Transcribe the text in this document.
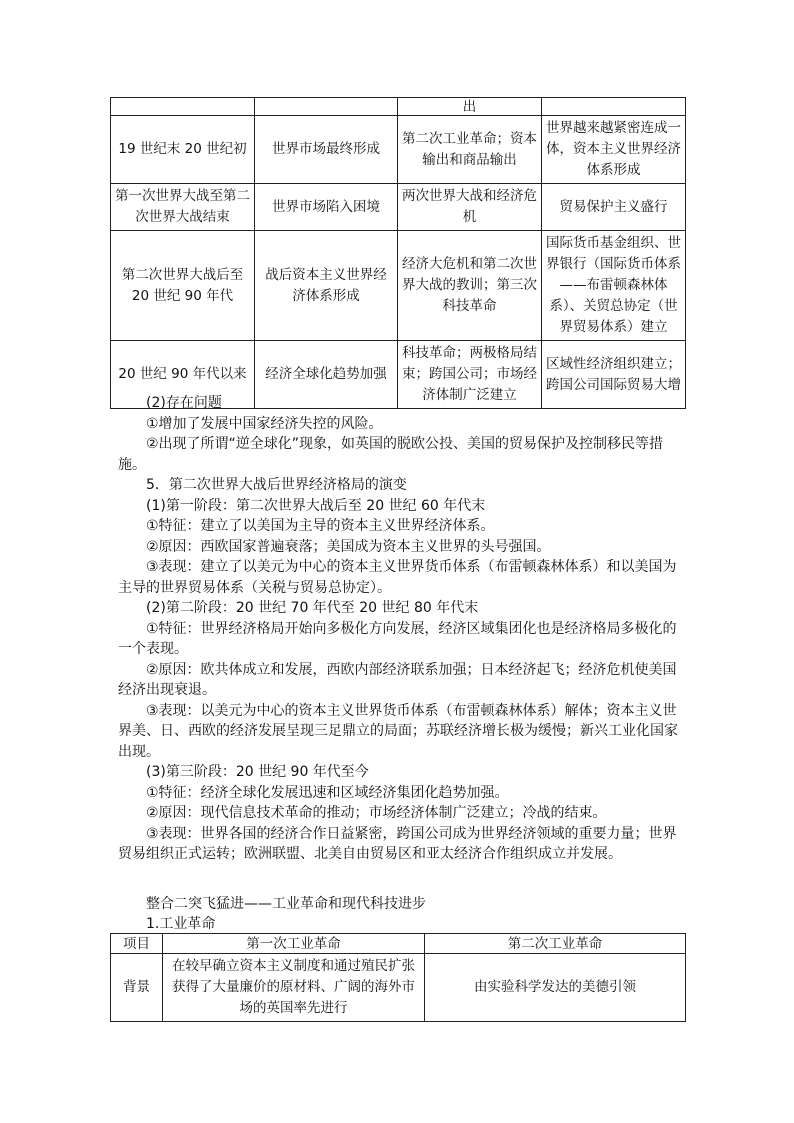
		出	
19 世纪末 20 世纪初	世界市场最终形成	第二次工业革命；资本输出和商品输出	世界越来越紧密连成一体，资本主义世界经济体系形成
第一次世界大战至第二次世界大战结束	世界市场陷入困境	两次世界大战和经济危机	贸易保护主义盛行
第二次世界大战后至 20 世纪 90 年代	战后资本主义世界经济体系形成	经济大危机和第二次世界大战的教训；第三次科技革命	国际货币基金组织、世界银行（国际货币体系——布雷顿森林体系）、关贸总协定（世界贸易体系）建立
20 世纪 90 年代以来	经济全球化趋势加强	科技革命；两极格局结束；跨国公司；市场经济体制广泛建立	区域性经济组织建立；跨国公司国际贸易大增

(2)存在问题

①增加了发展中国家经济失控的风险。

②出现了所谓“逆全球化”现象，如英国的脱欧公投、美国的贸易保护及控制移民等措施。

5．第二次世界大战后世界经济格局的演变

(1)第一阶段：第二次世界大战后至 20 世纪 60 年代末

①特征：建立了以美国为主导的资本主义世界经济体系。

②原因：西欧国家普遍衰落；美国成为资本主义世界的头号强国。

③表现：建立了以美元为中心的资本主义世界货币体系（布雷顿森林体系）和以美国为主导的世界贸易体系（关税与贸易总协定）。

(2)第二阶段：20 世纪 70 年代至 20 世纪 80 年代末

①特征：世界经济格局开始向多极化方向发展，经济区域集团化也是经济格局多极化的一个表现。

②原因：欧共体成立和发展，西欧内部经济联系加强；日本经济起飞；经济危机使美国经济出现衰退。

③表现：以美元为中心的资本主义世界货币体系（布雷顿森林体系）解体；资本主义世界美、日、西欧的经济发展呈现三足鼎立的局面；苏联经济增长极为缓慢；新兴工业化国家出现。

(3)第三阶段：20 世纪 90 年代至今

①特征：经济全球化发展迅速和区域经济集团化趋势加强。

②原因：现代信息技术革命的推动；市场经济体制广泛建立；冷战的结束。

③表现：世界各国的经济合作日益紧密，跨国公司成为世界经济领域的重要力量；世界贸易组织正式运转；欧洲联盟、北美自由贸易区和亚太经济合作组织成立并发展。

整合二突飞猛进——工业革命和现代科技进步
1.工业革命
项目	第一次工业革命	第二次工业革命
背景	在较早确立资本主义制度和通过殖民扩张获得了大量廉价的原材料、广阔的海外市场的英国率先进行	由实验科学发达的美德引领
